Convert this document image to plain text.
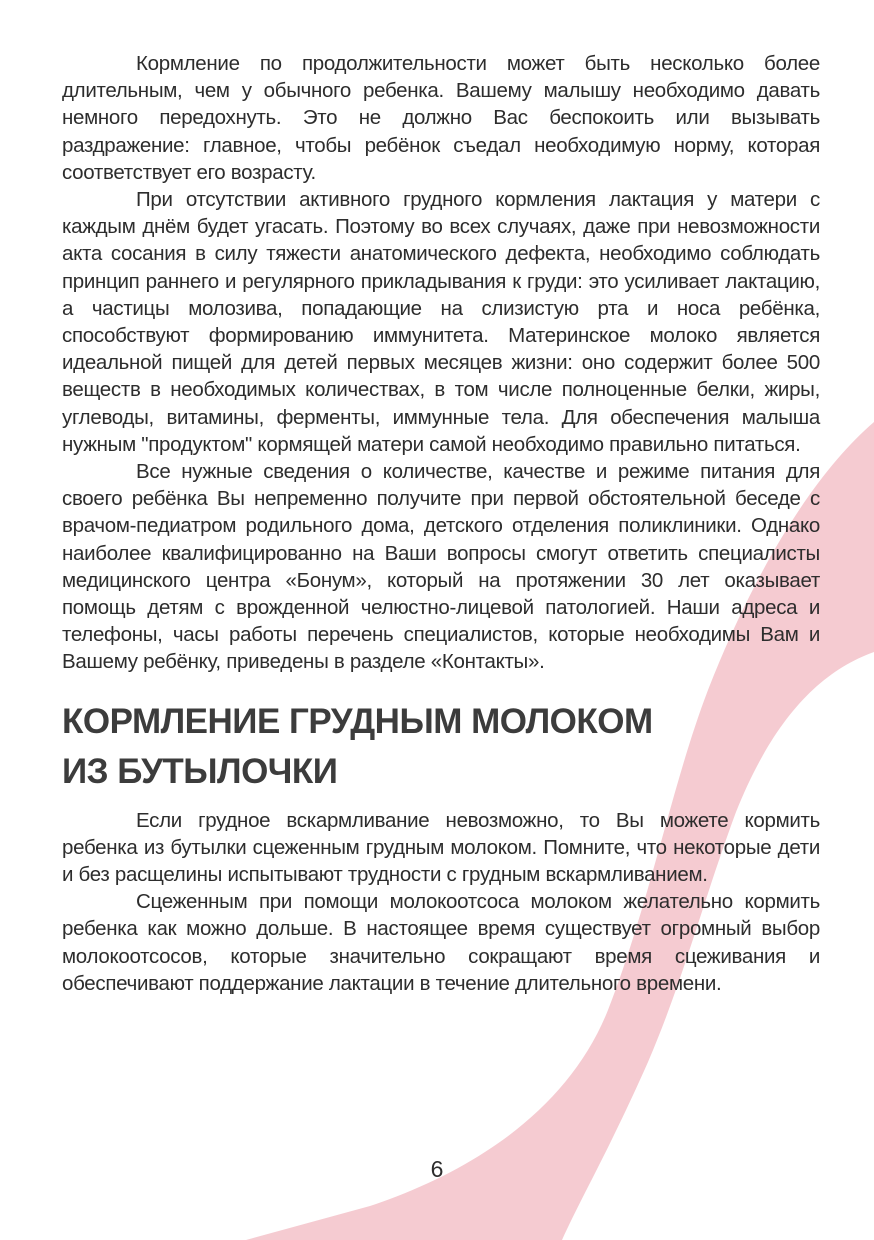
Кормление по продолжительности может быть несколько более длительным, чем у обычного ребенка. Вашему малышу необходимо давать немного передохнуть. Это не должно Вас беспокоить или вызывать раздражение: главное, чтобы ребёнок съедал необходимую норму, которая соответствует его возрасту.

При отсутствии активного грудного кормления лактация у матери с каждым днём будет угасать. Поэтому во всех случаях, даже при невозможности акта сосания в силу тяжести анатомического дефекта, необходимо соблюдать принцип раннего и регулярного прикладывания к груди: это усиливает лактацию, а частицы молозива, попадающие на слизистую рта и носа ребёнка, способствуют формированию иммунитета. Материнское молоко является идеальной пищей для детей первых месяцев жизни: оно содержит более 500 веществ в необходимых количествах, в том числе полноценные белки, жиры, углеводы, витамины, ферменты, иммунные тела. Для обеспечения малыша нужным "продуктом" кормящей матери самой необходимо правильно питаться.

Все нужные сведения о количестве, качестве и режиме питания для своего ребёнка Вы непременно получите при первой обстоятельной беседе с врачом-педиатром родильного дома, детского отделения поликлиники. Однако наиболее квалифицированно на Ваши вопросы смогут ответить специалисты медицинского центра «Бонум», который на протяжении 30 лет оказывает помощь детям с врожденной челюстно-лицевой патологией. Наши адреса и телефоны, часы работы перечень специалистов, которые необходимы Вам и Вашему ребёнку, приведены в разделе «Контакты».

КОРМЛЕНИЕ ГРУДНЫМ МОЛОКОМ
ИЗ БУТЫЛОЧКИ

Если грудное вскармливание невозможно, то Вы можете кормить ребенка из бутылки сцеженным грудным молоком. Помните, что некоторые дети и без расщелины испытывают трудности с грудным вскармливанием.

Сцеженным при помощи молокоотсоса молоком желательно кормить ребенка как можно дольше. В настоящее время существует огромный выбор молокоотсосов, которые значительно сокращают время сцеживания и обеспечивают поддержание лактации в течение длительного времени.

6
